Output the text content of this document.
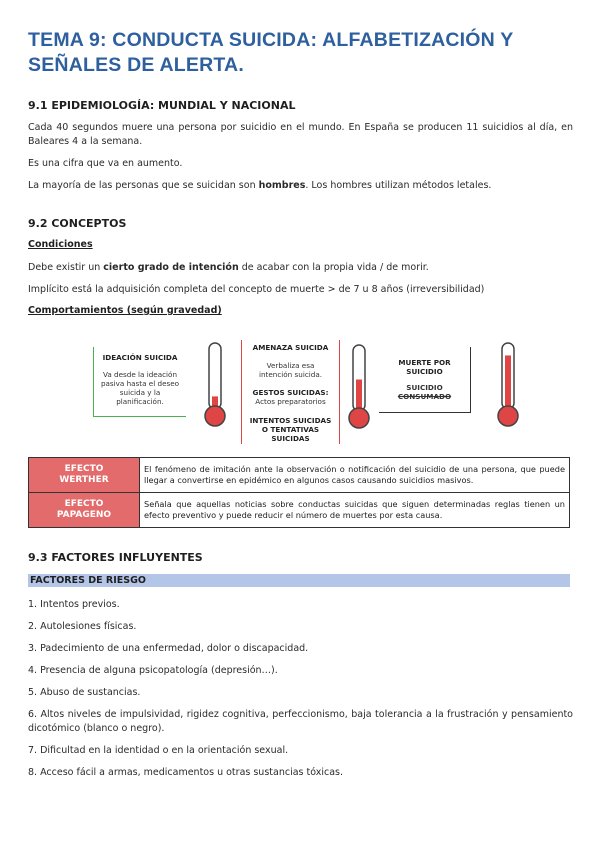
TEMA 9: CONDUCTA SUICIDA: ALFABETIZACIÓN Y SEÑALES DE ALERTA.
9.1 EPIDEMIOLOGÍA: MUNDIAL Y NACIONAL

Cada 40 segundos muere una persona por suicidio en el mundo. En España se producen 11 suicidios al día, en Baleares 4 a la semana.

Es una cifra que va en aumento.

La mayoría de las personas que se suicidan son hombres. Los hombres utilizan métodos letales.

9.2 CONCEPTOS

Condiciones

Debe existir un cierto grado de intención de acabar con la propia vida / de morir.

Implícito está la adquisición completa del concepto de muerte > de 7 u 8 años (irreversibilidad)

Comportamientos (según gravedad)

IDEACIÓN SUICIDA

Va desde la ideación pasiva hasta el deseo suicida y la planificación.

AMENAZA SUICIDA

Verbaliza esa intención suicida.

GESTOS SUICIDAS:

Actos preparatorios

INTENTOS SUICIDAS O TENTATIVAS SUICIDAS

MUERTE POR SUICIDIO

SUICIDIO

CONSUMADO

EFECTO
WERTHER	El fenómeno de imitación ante la observación o notificación del suicidio de una persona, que puede llegar a convertirse en epidémico en algunos casos causando suicidios masivos.
EFECTO
PAPAGENO	Señala que aquellas noticias sobre conductas suicidas que siguen determinadas reglas tienen un efecto preventivo y puede reducir el número de muertes por esta causa.
9.3 FACTORES INFLUYENTES
FACTORES DE RIESGO

1. Intentos previos.

2. Autolesiones físicas.

3. Padecimiento de una enfermedad, dolor o discapacidad.

4. Presencia de alguna psicopatología (depresión…).

5. Abuso de sustancias.

6. Altos niveles de impulsividad, rigidez cognitiva, perfeccionismo, baja tolerancia a la frustración y pensamiento dicotómico (blanco o negro).

7. Dificultad en la identidad o en la orientación sexual.

8. Acceso fácil a armas, medicamentos u otras sustancias tóxicas.
